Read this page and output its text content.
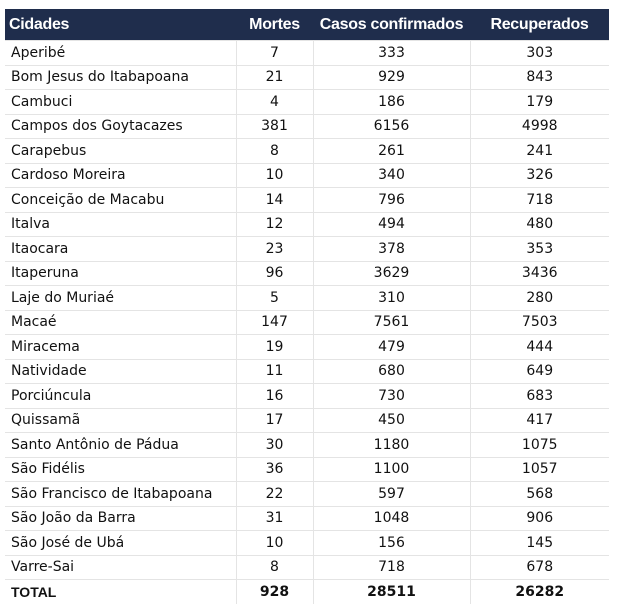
Cidades	Mortes	Casos confirmados	Recuperados
Aperibé	7	333	303
Bom Jesus do Itabapoana	21	929	843
Cambuci	4	186	179
Campos dos Goytacazes	381	6156	4998
Carapebus	8	261	241
Cardoso Moreira	10	340	326
Conceição de Macabu	14	796	718
Italva	12	494	480
Itaocara	23	378	353
Itaperuna	96	3629	3436
Laje do Muriaé	5	310	280
Macaé	147	7561	7503
Miracema	19	479	444
Natividade	11	680	649
Porciúncula	16	730	683
Quissamã	17	450	417
Santo Antônio de Pádua	30	1180	1075
São Fidélis	36	1100	1057
São Francisco de Itabapoana	22	597	568
São João da Barra	31	1048	906
São José de Ubá	10	156	145
Varre-Sai	8	718	678
TOTAL	928	28511	26282
